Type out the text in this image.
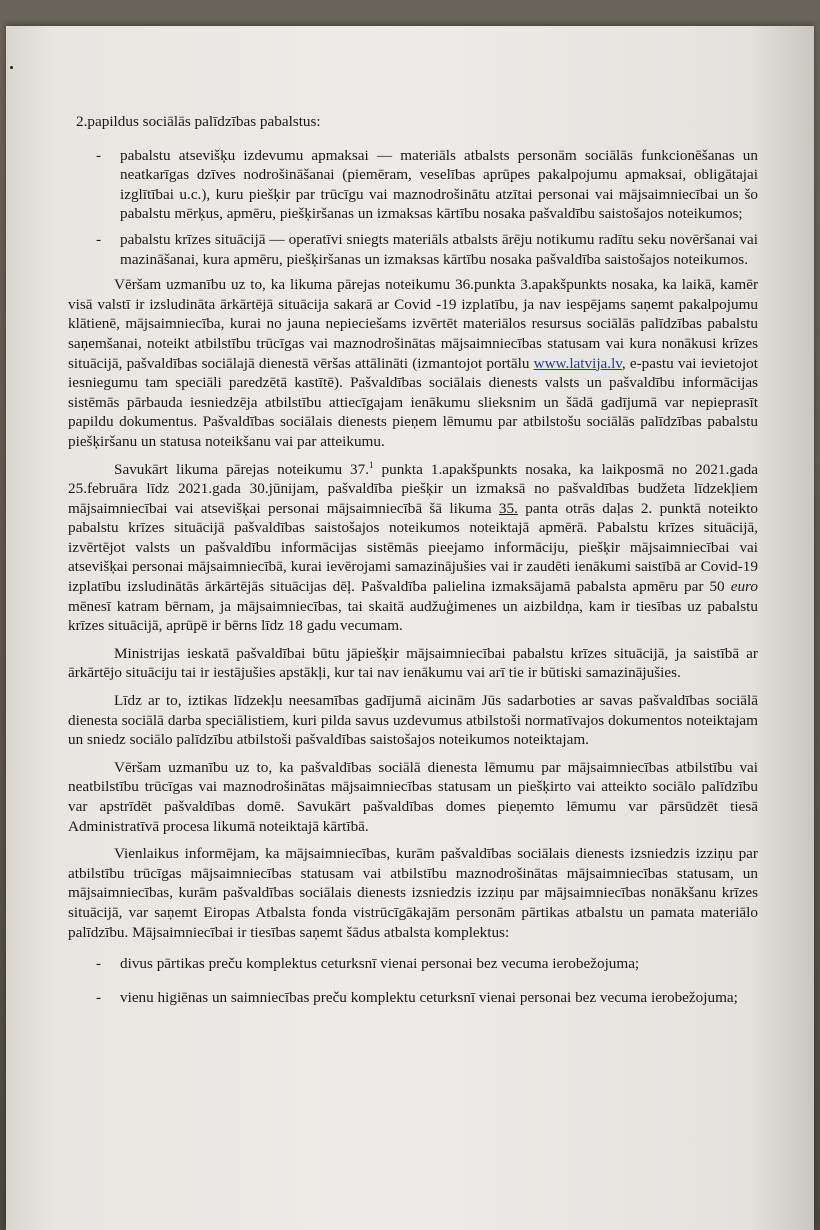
2.papildus sociālās palīdzības pabalstus:
- pabalstu atsevišķu izdevumu apmaksai — materiāls atbalsts personām sociālās funkcionēšanas un neatkarīgas dzīves nodrošināšanai (piemēram, veselības aprūpes pakalpojumu apmaksai, obligātajai izglītībai u.c.), kuru piešķir par trūcīgu vai maznodrošinātu atzītai personai vai mājsaimniecībai un šo pabalstu mērķus, apmēru, piešķiršanas un izmaksas kārtību nosaka pašvaldību saistošajos noteikumos;
- pabalstu krīzes situācijā — operatīvi sniegts materiāls atbalsts ārēju notikumu radītu seku novēršanai vai mazināšanai, kura apmēru, piešķiršanas un izmaksas kārtību nosaka pašvaldība saistošajos noteikumos.

Vēršam uzmanību uz to, ka likuma pārejas noteikumu 36.punkta 3.apakšpunkts nosaka, ka laikā, kamēr visā valstī ir izsludināta ārkārtējā situācija sakarā ar Covid -19 izplatību, ja nav iespējams saņemt pakalpojumu klātienē, mājsaimniecība, kurai no jauna nepieciešams izvērtēt materiālos resursus sociālās palīdzības pabalstu saņemšanai, noteikt atbilstību trūcīgas vai maznodrošinātas mājsaimniecības statusam vai kura nonākusi krīzes situācijā, pašvaldības sociālajā dienestā vēršas attālināti (izmantojot portālu www.latvija.lv, e-pastu vai ievietojot iesniegumu tam speciāli paredzētā kastītē). Pašvaldības sociālais dienests valsts un pašvaldību informācijas sistēmās pārbauda iesniedzēja atbilstību attiecīgajam ienākumu slieksnim un šādā gadījumā var nepieprasīt papildu dokumentus. Pašvaldības sociālais dienests pieņem lēmumu par atbilstošu sociālās palīdzības pabalstu piešķiršanu un statusa noteikšanu vai par atteikumu.

Savukārt likuma pārejas noteikumu 37.$^1$ punkta 1.apakšpunkts nosaka, ka laikposmā no 2021.gada 25.februāra līdz 2021.gada 30.jūnijam, pašvaldība piešķir un izmaksā no pašvaldības budžeta līdzekļiem mājsaimniecībai vai atsevišķai personai mājsaimniecībā šā likuma 35. panta otrās daļas 2. punktā noteikto pabalstu krīzes situācijā pašvaldības saistošajos noteikumos noteiktajā apmērā. Pabalstu krīzes situācijā, izvērtējot valsts un pašvaldību informācijas sistēmās pieejamo informāciju, piešķir mājsaimniecībai vai atsevišķai personai mājsaimniecībā, kurai ievērojami samazinājušies vai ir zaudēti ienākumi saistībā ar Covid-19 izplatību izsludinātās ārkārtējās situācijas dēļ. Pašvaldība palielina izmaksājamā pabalsta apmēru par 50 euro mēnesī katram bērnam, ja mājsaimniecības, tai skaitā audžuģimenes un aizbildņa, kam ir tiesības uz pabalstu krīzes situācijā, aprūpē ir bērns līdz 18 gadu vecumam.

Ministrijas ieskatā pašvaldībai būtu jāpiešķir mājsaimniecībai pabalstu krīzes situācijā, ja saistībā ar ārkārtējo situāciju tai ir iestājušies apstākļi, kur tai nav ienākumu vai arī tie ir būtiski samazinājušies.

Līdz ar to, iztikas līdzekļu neesamības gadījumā aicinām Jūs sadarboties ar savas pašvaldības sociālā dienesta sociālā darba speciālistiem, kuri pilda savus uzdevumus atbilstoši normatīvajos dokumentos noteiktajam un sniedz sociālo palīdzību atbilstoši pašvaldības saistošajos noteikumos noteiktajam.

Vēršam uzmanību uz to, ka pašvaldības sociālā dienesta lēmumu par mājsaimniecības atbilstību vai neatbilstību trūcīgas vai maznodrošinātas mājsaimniecības statusam un piešķirto vai atteikto sociālo palīdzību var apstrīdēt pašvaldības domē. Savukārt pašvaldības domes pieņemto lēmumu var pārsūdzēt tiesā Administratīvā procesa likumā noteiktajā kārtībā.

Vienlaikus informējam, ka mājsaimniecības, kurām pašvaldības sociālais dienests izsniedzis izziņu par atbilstību trūcīgas mājsaimniecības statusam vai atbilstību maznodrošinātas mājsaimniecības statusam, un mājsaimniecības, kurām pašvaldības sociālais dienests izsniedzis izziņu par mājsaimniecības nonākšanu krīzes situācijā, var saņemt Eiropas Atbalsta fonda vistrūcīgākajām personām pārtikas atbalstu un pamata materiālo palīdzību. Mājsaimniecībai ir tiesības saņemt šādus atbalsta komplektus:

- divus pārtikas preču komplektus ceturksnī vienai personai bez vecuma ierobežojuma;
- vienu higiēnas un saimniecības preču komplektu ceturksnī vienai personai bez vecuma ierobežojuma;
